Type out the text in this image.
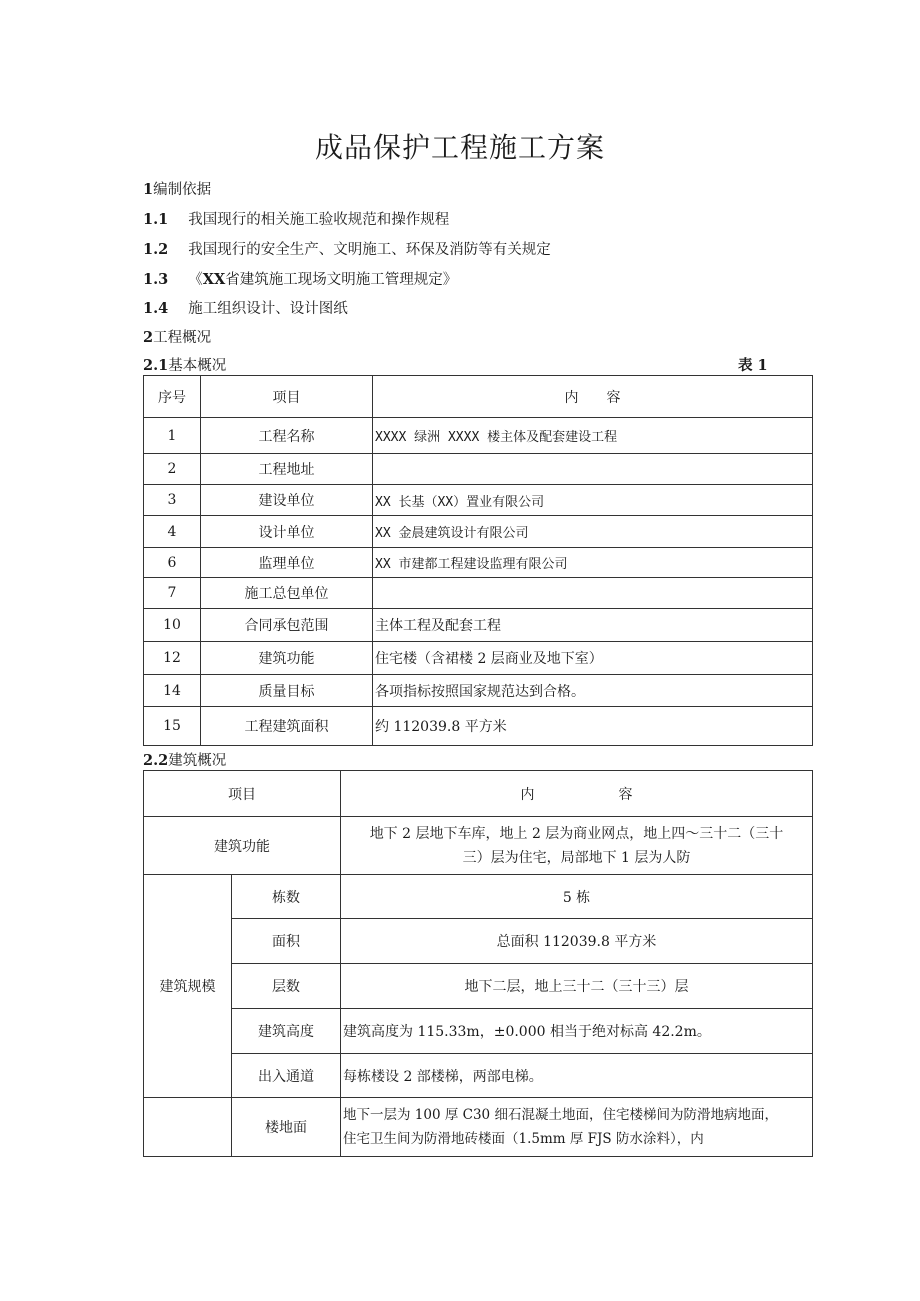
成品保护工程施工方案
1编制依据
1.1 我国现行的相关施工验收规范和操作规程
1.2 我国现行的安全生产、文明施工、环保及消防等有关规定
1.3 《XX省建筑施工现场文明施工管理规定》
1.4 施工组织设计、设计图纸
2工程概况
2.1基本概况	表 1
序号	项目	内　　容
1	工程名称	XXXX 绿洲 XXXX 楼主体及配套建设工程
2	工程地址	
3	建设单位	XX 长基（XX）置业有限公司
4	设计单位	XX 金晨建筑设计有限公司
6	监理单位	XX 市建都工程建设监理有限公司
7	施工总包单位	
10	合同承包范围	主体工程及配套工程
12	建筑功能	住宅楼（含裙楼 2 层商业及地下室）
14	质量目标	各项指标按照国家规范达到合格。
15	工程建筑面积	约 112039.8 平方米
2.2建筑概况
项目		内　　　　　　容
建筑功能		地下 2 层地下车库，地上 2 层为商业网点，地上四～三十二（三十
三）层为住宅，局部地下 1 层为人防

建筑规模	栋数	5 栋
	面积	总面积 112039.8 平方米
	层数	地下二层，地上三十二（三十三）层
	建筑高度	建筑高度为 115.33m，±0.000 相当于绝对标高 42.2m。
	出入通道	每栋楼设 2 部楼梯，两部电梯。
	楼地面	地下一层为 100 厚 C30 细石混凝土地面，住宅楼梯间为防滑地病地面，
住宅卫生间为防滑地砖楼面（1.5mm 厚 FJS 防水涂料），内
